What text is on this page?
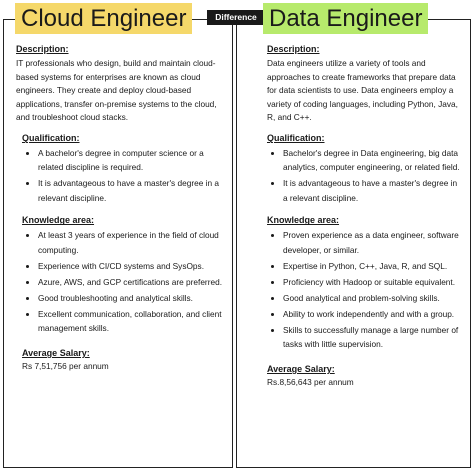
Description:
IT professionals who design, build and maintain cloud-based systems for enterprises are known as cloud engineers. They create and deploy cloud-based applications, transfer on-premise systems to the cloud, and troubleshoot cloud stacks.
Qualification:
• A bachelor's degree in computer science or a related discipline is required.
• It is advantageous to have a master's degree in a relevant discipline.
Knowledge area:
• At least 3 years of experience in the field of cloud computing.
• Experience with CI/CD systems and SysOps.
• Azure, AWS, and GCP certifications are preferred.
• Good troubleshooting and analytical skills.
• Excellent communication, collaboration, and client management skills.
Average Salary:
Rs 7,51,756 per annum
Description:
Data engineers utilize a variety of tools and approaches to create frameworks that prepare data for data scientists to use. Data engineers employ a variety of coding languages, including Python, Java, R, and C++.
Qualification:
• Bachelor's degree in Data engineering, big data analytics, computer engineering, or related field.
• It is advantageous to have a master's degree in a relevant discipline.
Knowledge area:
• Proven experience as a data engineer, software developer, or similar.
• Expertise in Python, C++, Java, R, and SQL.
• Proficiency with Hadoop or suitable equivalent.
• Good analytical and problem-solving skills.
• Ability to work independently and with a group.
• Skills to successfully manage a large number of tasks with little supervision.
Average Salary:
Rs.8,56,643 per annum
Cloud Engineer	Difference Data Engineer
